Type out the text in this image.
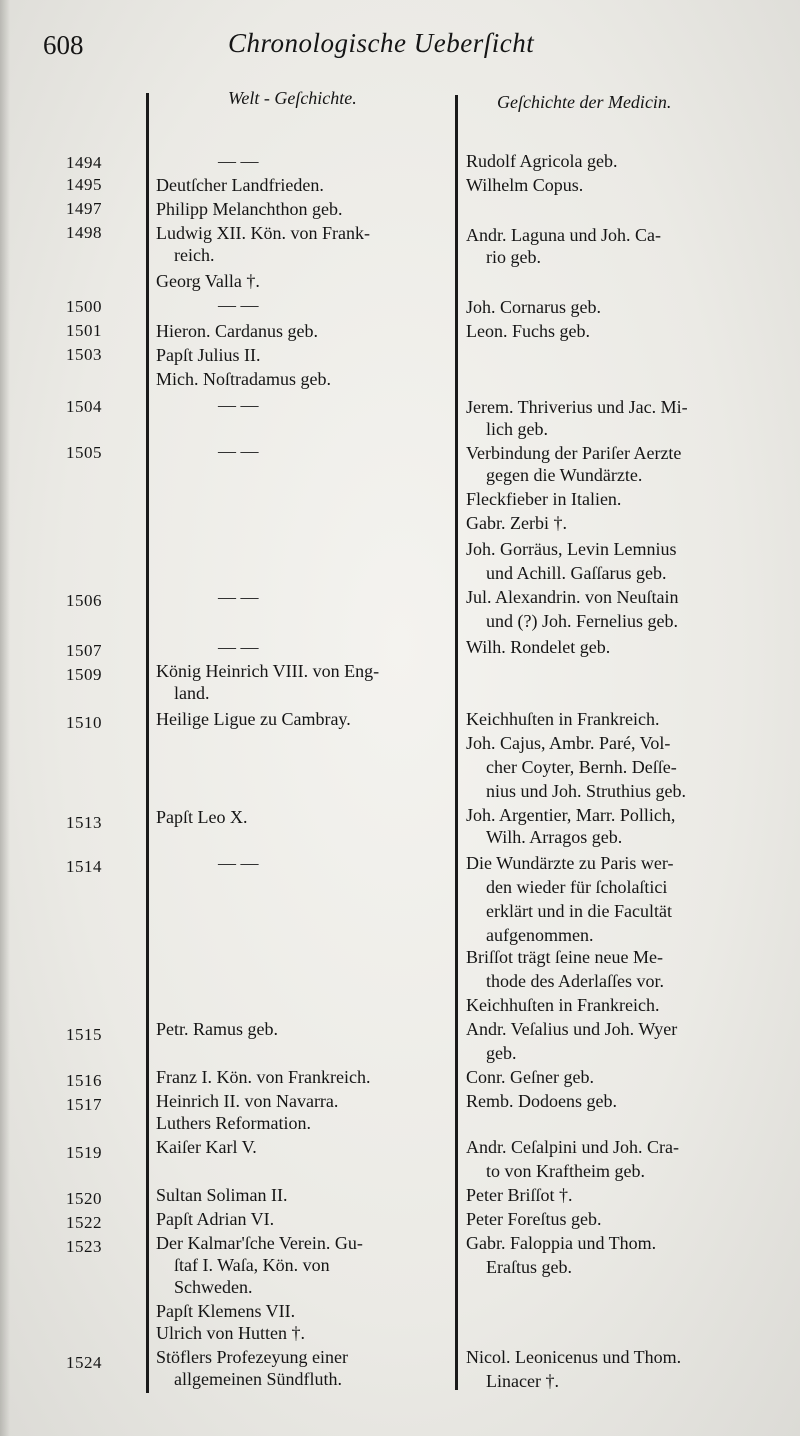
608	Chronologische Ueberſicht
Welt - Geſchichte.	Geſchichte der Medicin.
1494
1495
1497
1498
1500
1501
1503
1504
1505
1506
1507
1509
1510
1513
1514
1515
1516
1517
1519
1520
1522
1523
1524
— —
Deutſcher Landfrieden.
Philipp Melanchthon geb.
Ludwig XII. Kön. von Frank-
reich.
Georg Valla †.
— —
Hieron. Cardanus geb.
Papſt Julius II.
Mich. Noſtradamus geb.
— —
— —
— —
— —
König Heinrich VIII. von Eng-
land.
Heilige Ligue zu Cambray.
Papſt Leo X.
— —
Petr. Ramus geb.
Franz I. Kön. von Frankreich.
Heinrich II. von Navarra.
Luthers Reformation.
Kaiſer Karl V.
Sultan Soliman II.
Papſt Adrian VI.
Der Kalmar'ſche Verein. Gu-
ſtaf I. Waſa, Kön. von
Schweden.
Papſt Klemens VII.
Ulrich von Hutten †.
Stöflers Profezeyung einer
allgemeinen Sündfluth.
Rudolf Agricola geb.
Wilhelm Copus.
Andr. Laguna und Joh. Ca-
rio geb.
Joh. Cornarus geb.
Leon. Fuchs geb.
Jerem. Thriverius und Jac. Mi-
lich geb.
Verbindung der Pariſer Aerzte
gegen die Wundärzte.
Fleckfieber in Italien.
Gabr. Zerbi †.
Joh. Gorräus, Levin Lemnius
und Achill. Gaſſarus geb.
Jul. Alexandrin. von Neuſtain
und (?) Joh. Fernelius geb.
Wilh. Rondelet geb.
Keichhuſten in Frankreich.
Joh. Cajus, Ambr. Paré, Vol-
cher Coyter, Bernh. Deſſe-
nius und Joh. Struthius geb.
Joh. Argentier, Marr. Pollich,
Wilh. Arragos geb.
Die Wundärzte zu Paris wer-
den wieder für ſcholaſtici
erklärt und in die Facultät
aufgenommen.
Briſſot trägt ſeine neue Me-
thode des Aderlaſſes vor.
Keichhuſten in Frankreich.
Andr. Veſalius und Joh. Wyer
geb.
Conr. Geſner geb.
Remb. Dodoens geb.
Andr. Ceſalpini und Joh. Cra-
to von Kraftheim geb.
Peter Briſſot †.
Peter Foreſtus geb.
Gabr. Faloppia und Thom.
Eraſtus geb.
Nicol. Leonicenus und Thom.
Linacer †.
